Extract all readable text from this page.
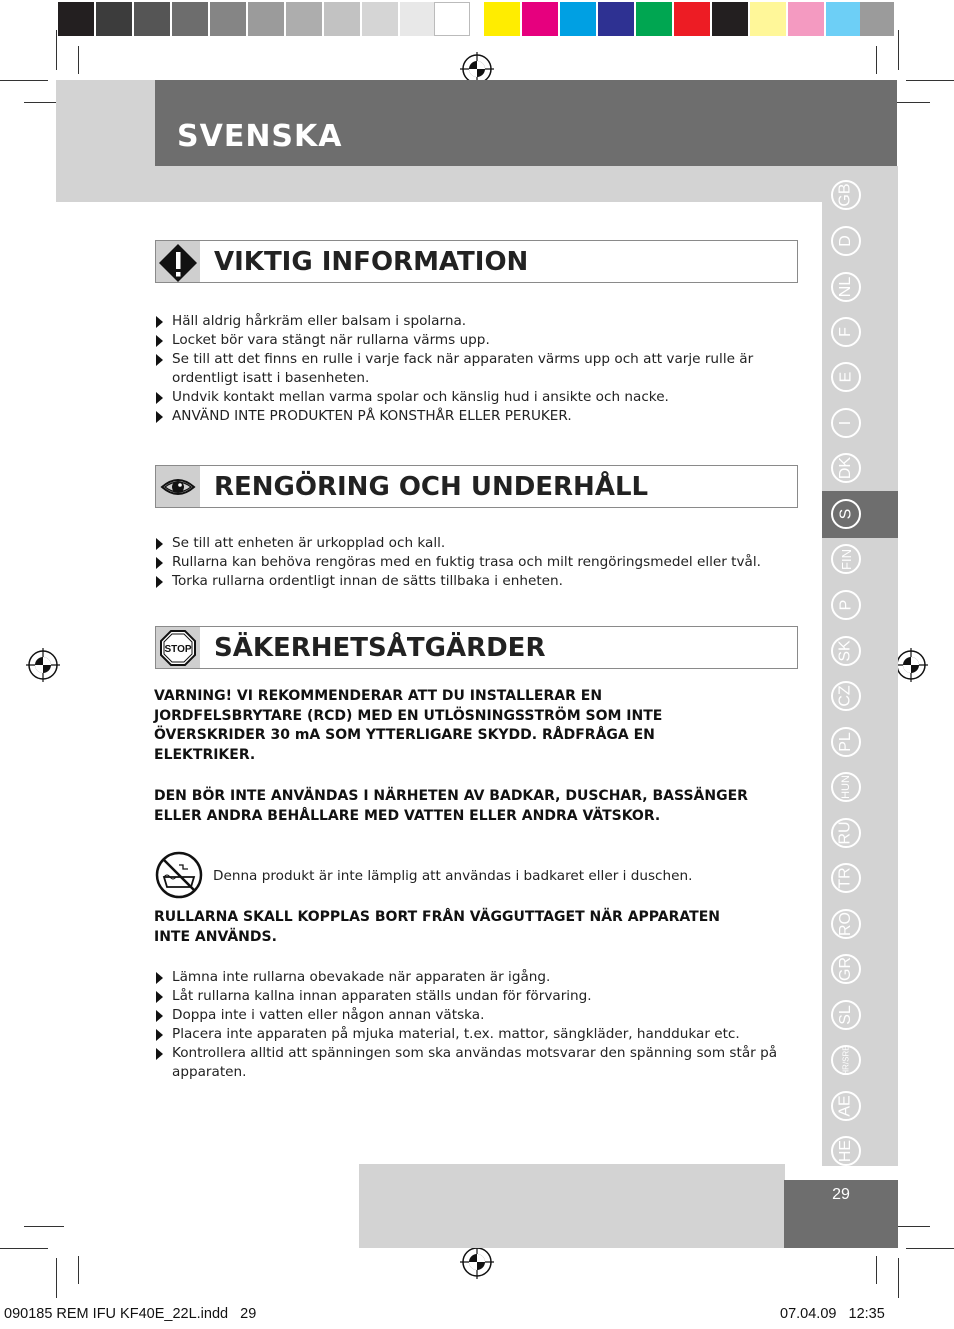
SVENSKA
GB
D
NL
F
E
I
DK
S
FIN
P
SK
CZ
PL
HUN
RU
TR
RO
GR
SL
HR/SRB
AE
HE
29
VIKTIG INFORMATION
Häll aldrig hårkräm eller balsam i spolarna.
Locket bör vara stängt när rullarna värms upp.
Se till att det finns en rulle i varje fack när apparaten värms upp och att varje rulle är ordentligt isatt i basenheten.
Undvik kontakt mellan varma spolar och känslig hud i ansikte och nacke.
ANVÄND INTE PRODUKTEN PÅ KONSTHÅR ELLER PERUKER.
RENGÖRING OCH UNDERHÅLL
Se till att enheten är urkopplad och kall.
Rullarna kan behöva rengöras med en fuktig trasa och milt rengöringsmedel eller tvål.
Torka rullarna ordentligt innan de sätts tillbaka i enheten.
STOP SÄKERHETSÅTGÄRDER
VARNING! VI REKOMMENDERAR ATT DU INSTALLERAR EN JORDFELSBRYTARE (RCD) MED EN UTLÖSNINGSSTRÖM SOM INTE ÖVERSKRIDER 30 mA SOM YTTERLIGARE SKYDD. RÅDFRÅGA EN ELEKTRIKER.
DEN BÖR INTE ANVÄNDAS I NÄRHETEN AV BADKAR, DUSCHAR, BASSÄNGER ELLER ANDRA BEHÅLLARE MED VATTEN ELLER ANDRA VÄTSKOR.
Denna produkt är inte lämplig att användas i badkaret eller i duschen.
RULLARNA SKALL KOPPLAS BORT FRÅN VÄGGUTTAGET NÄR APPARATEN INTE ANVÄNDS.
Lämna inte rullarna obevakade när apparaten är igång.
Låt rullarna kallna innan apparaten ställs undan för förvaring.
Doppa inte i vatten eller någon annan vätska.
Placera inte apparaten på mjuka material, t.ex. mattor, sängkläder, handdukar etc.
Kontrollera alltid att spänningen som ska användas motsvarar den spänning som står på apparaten.
090185 REM IFU KF40E_22L.indd   29	07.04.09   12:35
